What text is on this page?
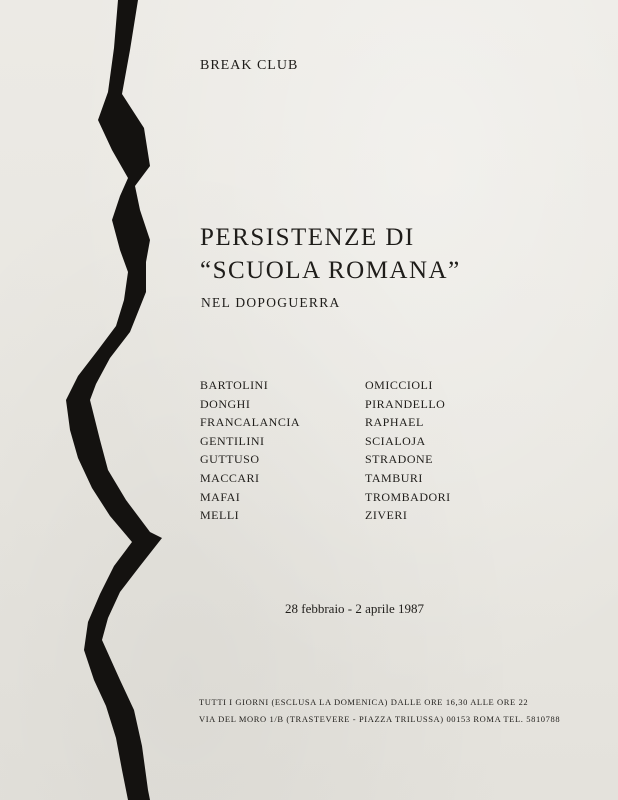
BREAK CLUB
PERSISTENZE DI
“SCUOLA ROMANA”
NEL DOPOGUERRA
BARTOLINI
DONGHI
FRANCALANCIA
GENTILINI
GUTTUSO
MACCARI
MAFAI
MELLI
OMICCIOLI
PIRANDELLO
RAPHAEL
SCIALOJA
STRADONE
TAMBURI
TROMBADORI
ZIVERI
28 febbraio - 2 aprile 1987
TUTTI I GIORNI (ESCLUSA LA DOMENICA) DALLE ORE 16,30 ALLE ORE 22
VIA DEL MORO 1/B (TRASTEVERE - PIAZZA TRILUSSA) 00153 ROMA TEL. 5810788
